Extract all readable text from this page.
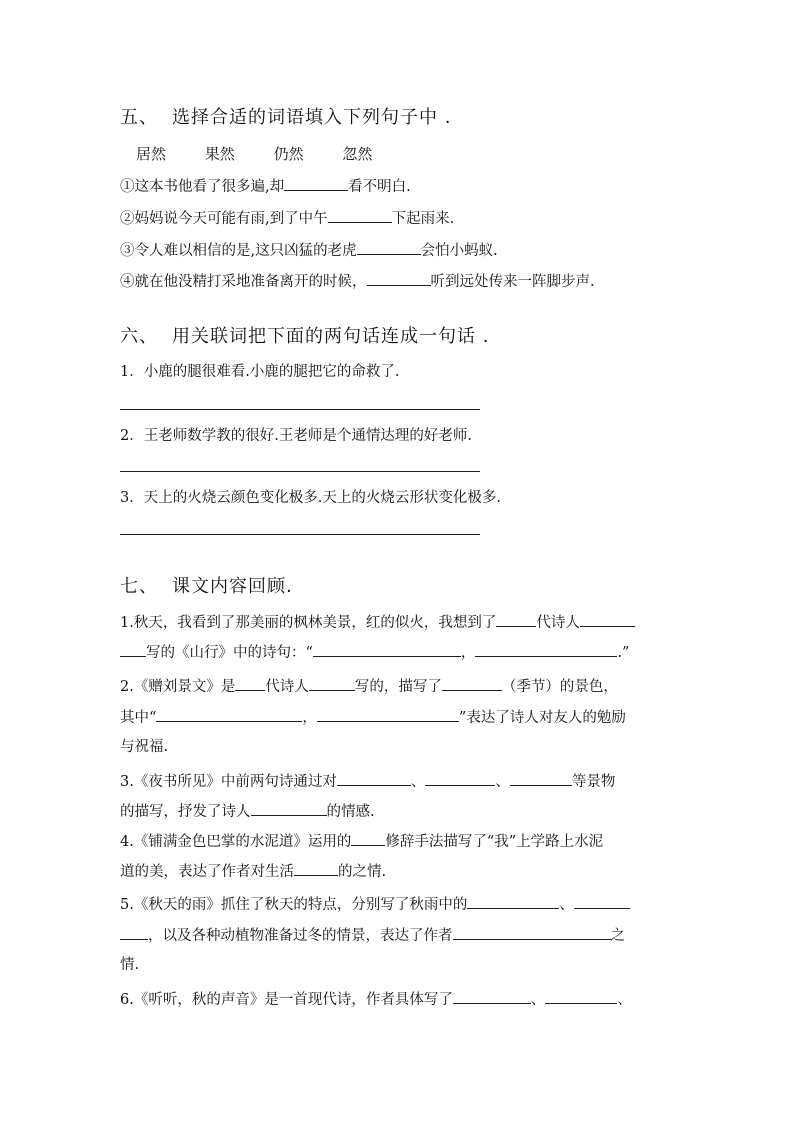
五、 选择合适的词语填入下列句子中 .
居然	果然	仍然	忽然
①这本书他看了很多遍,却	看不明白.
②妈妈说今天可能有雨,到了中午	下起雨来.
③令人难以相信的是,这只凶猛的老虎	会怕小蚂蚁.
④就在他没精打采地准备离开的时候，	听到远处传来一阵脚步声.
六、 用关联词把下面的两句话连成一句话 .
1．小鹿的腿很难看.小鹿的腿把它的命救了.
2．王老师数学教的很好.王老师是个通情达理的好老师.
3．天上的火烧云颜色变化极多.天上的火烧云形状变化极多.
七、 课文内容回顾.
1.秋天，我看到了那美丽的枫林美景，红的似火，我想到了	代诗人
写的《山行》中的诗句：“	，	.”
2.《赠刘景文》是 代诗人	写的，描写了	（季节）的景色，
其中“	，	”表达了诗人对友人的勉励
与祝福.
3.《夜书所见》中前两句诗通过对	、	、	等景物
的描写，抒发了诗人	的情感.
4.《铺满金色巴掌的水泥道》运用的 修辞手法描写了“我”上学路上水泥
道的美，表达了作者对生活	的之情.
5.《秋天的雨》抓住了秋天的特点，分别写了秋雨中的	、
，以及各种动植物准备过冬的情景，表达了作者	之
情.
6.《听听，秋的声音》是一首现代诗，作者具体写了	、	、
